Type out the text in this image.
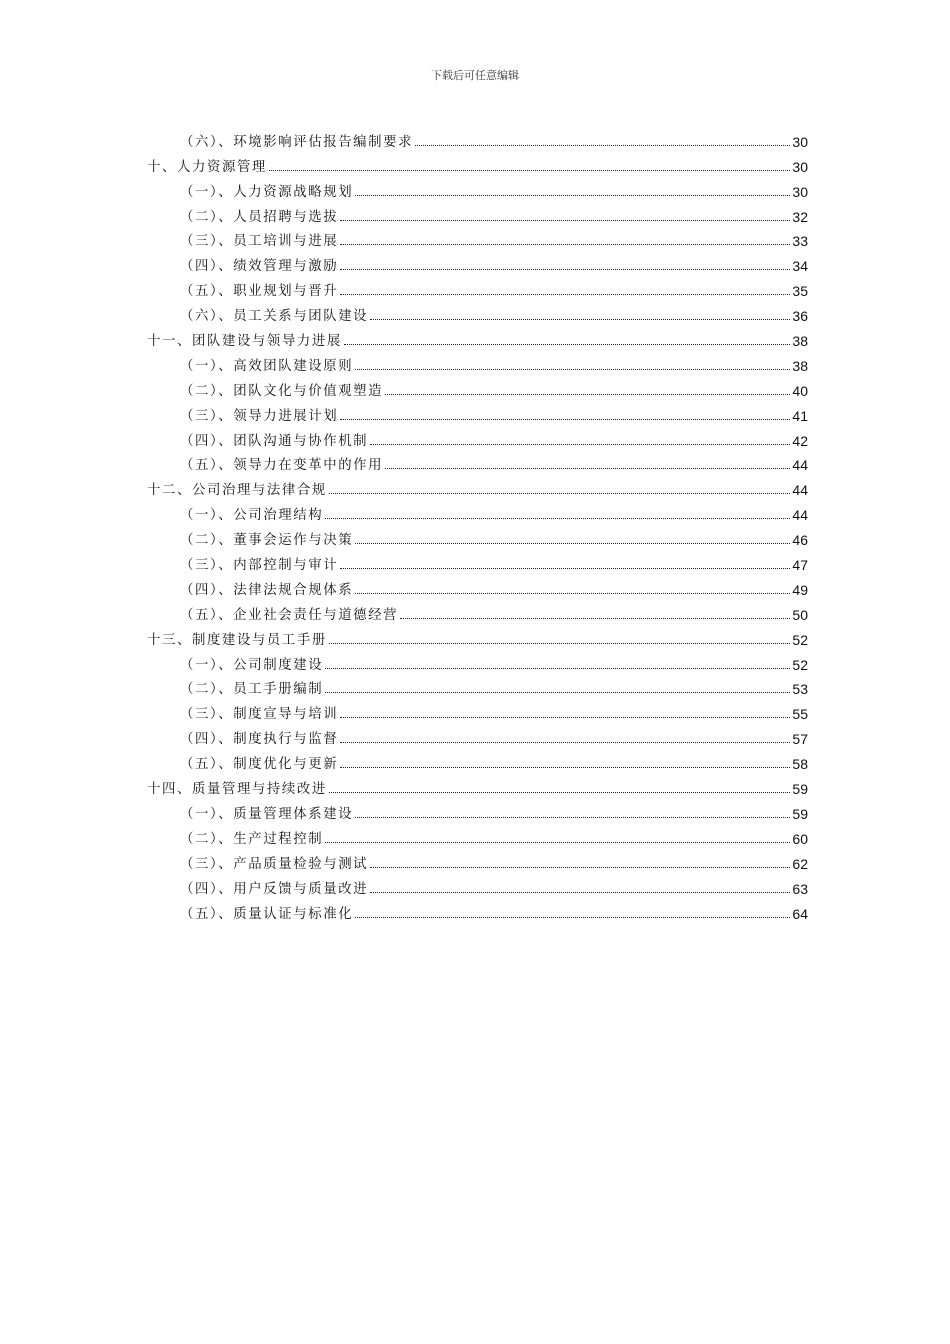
下载后可任意编辑
（六）、环境影响评估报告编制要求	30
十、人力资源管理	30
（一）、人力资源战略规划	30
（二）、人员招聘与选拔	32
（三）、员工培训与进展	33
（四）、绩效管理与激励	34
（五）、职业规划与晋升	35
（六）、员工关系与团队建设	36
十一、团队建设与领导力进展	38
（一）、高效团队建设原则	38
（二）、团队文化与价值观塑造	40
（三）、领导力进展计划	41
（四）、团队沟通与协作机制	42
（五）、领导力在变革中的作用	44
十二、公司治理与法律合规	44
（一）、公司治理结构	44
（二）、董事会运作与决策	46
（三）、内部控制与审计	47
（四）、法律法规合规体系	49
（五）、企业社会责任与道德经营	50
十三、制度建设与员工手册	52
（一）、公司制度建设	52
（二）、员工手册编制	53
（三）、制度宣导与培训	55
（四）、制度执行与监督	57
（五）、制度优化与更新	58
十四、质量管理与持续改进	59
（一）、质量管理体系建设	59
（二）、生产过程控制	60
（三）、产品质量检验与测试	62
（四）、用户反馈与质量改进	63
（五）、质量认证与标准化	64
